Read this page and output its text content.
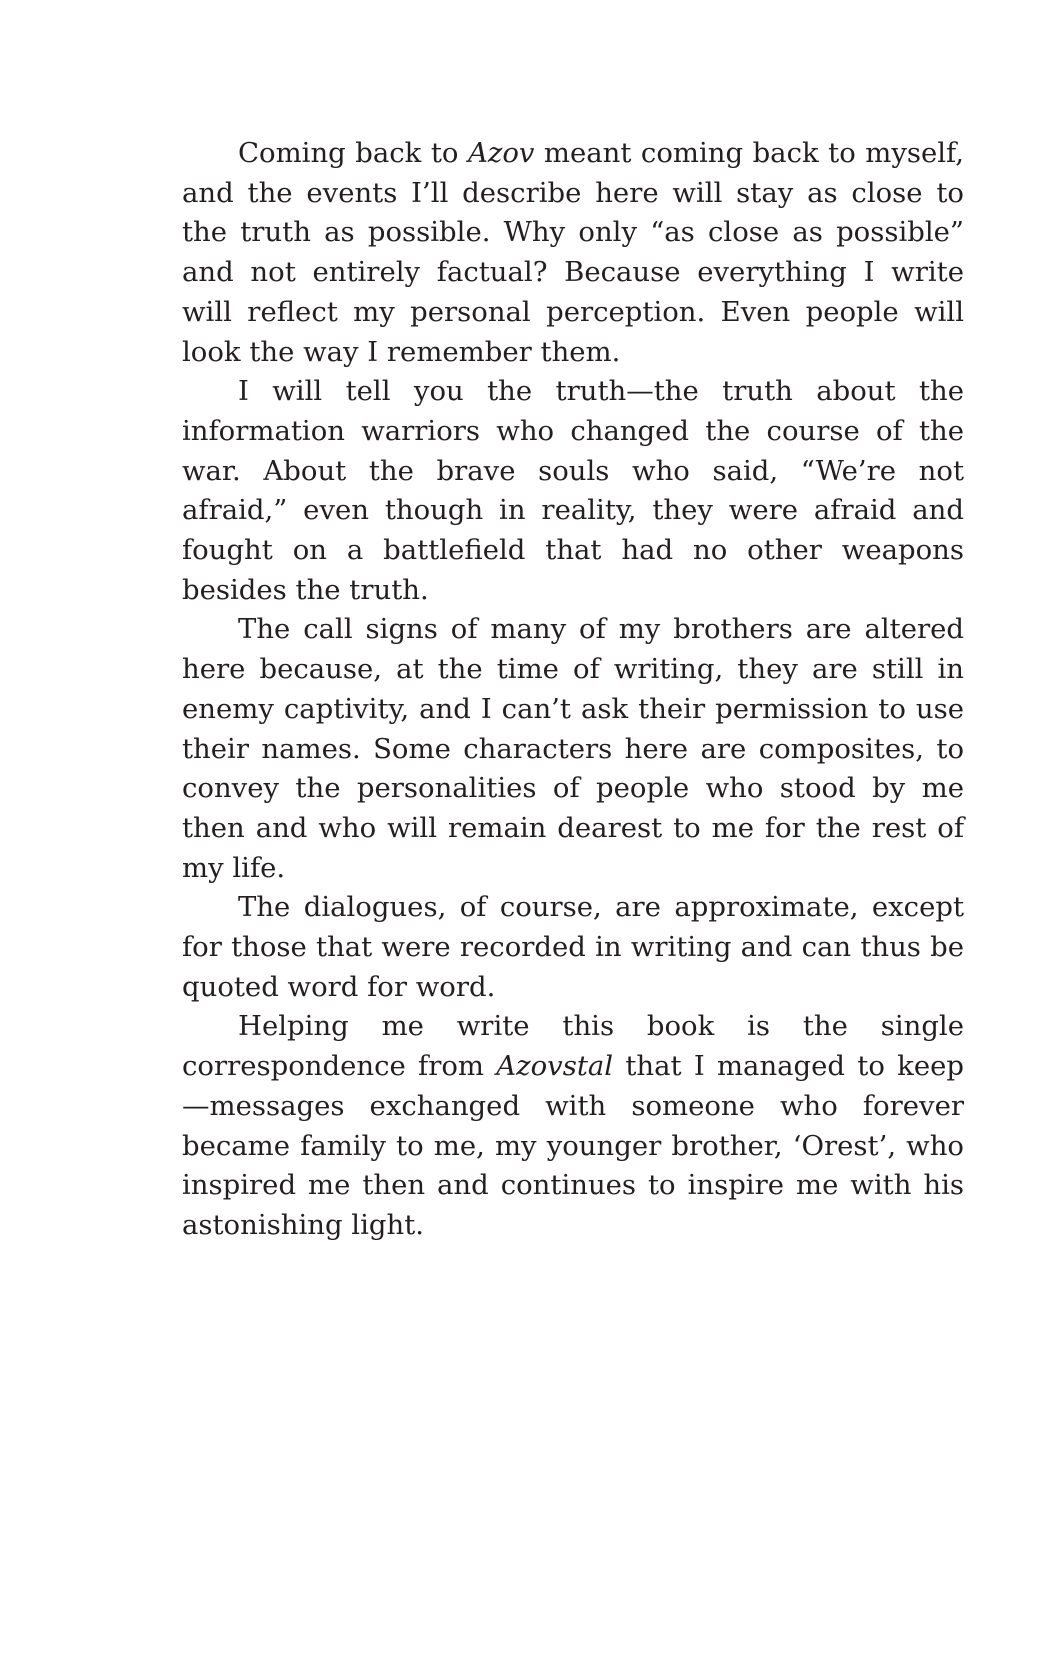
Coming back to Azov meant coming back to myself, and the events I’ll describe here will stay as close to the truth as possible. Why only “as close as possible” and not entirely factual? Because everything I write will reflect my personal perception. Even people will look the way I remember them.

I will tell you the truth—the truth about the information warriors who changed the course of the war. About the brave souls who said, “We’re not afraid,” even though in reality, they were afraid and fought on a battlefield that had no other weapons besides the truth.

The call signs of many of my brothers are altered here because, at the time of writing, they are still in enemy captivity, and I can’t ask their permission to use their names. Some characters here are composites, to convey the personalities of people who stood by me then and who will remain dearest to me for the rest of my life.

The dialogues, of course, are approximate, except for those that were recorded in writing and can thus be quoted word for word.

Helping me write this book is the single correspondence from Azovstal that I managed to keep—messages exchanged with someone who forever became family to me, my younger brother, ‘Orest’, who inspired me then and continues to inspire me with his astonishing light.
